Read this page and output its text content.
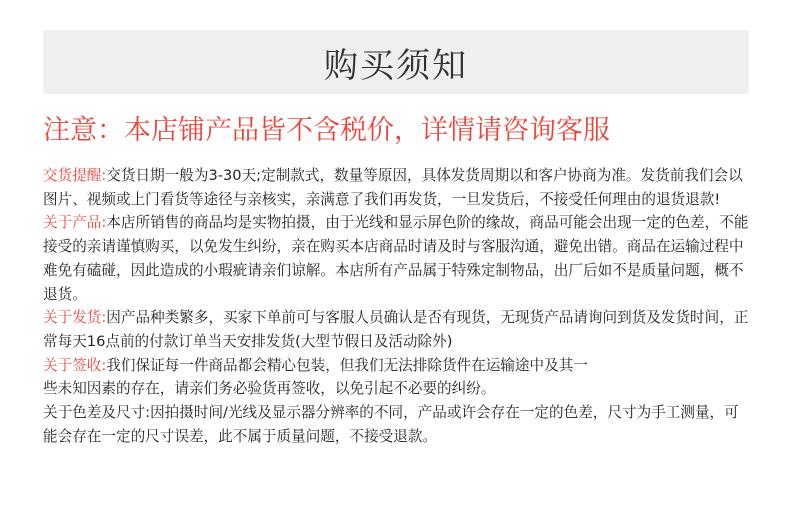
购买须知
注意：本店铺产品皆不含税价，详情请咨询客服

交货提醒:交货日期一般为3-30天;定制款式，数量等原因，具体发货周期以和客户协商为准。发货前我们会以图片、视频或上门看货等途径与亲核实，亲满意了我们再发货，一旦发货后，不接受任何理由的退货退款!

关于产品:本店所销售的商品均是实物拍摄，由于光线和显示屏色阶的缘故，商品可能会出现一定的色差，不能接受的亲请谨慎购买，以免发生纠纷，亲在购买本店商品时请及时与客服沟通，避免出错。商品在运输过程中难免有磕碰，因此造成的小瑕疵请亲们谅解。本店所有产品属于特殊定制物品，出厂后如不是质量问题，概不退货。

关于发货:因产品种类繁多，买家下单前可与客服人员确认是否有现货，无现货产品请询问到货及发货时间，正常每天16点前的付款订单当天安排发货(大型节假日及活动除外)

关于签收:我们保证每一件商品都会精心包装，但我们无法排除货件在运输途中及其一

些未知因素的存在，请亲们务必验货再签收，以免引起不必要的纠纷。

关于色差及尺寸:因拍摄时间/光线及显示器分辨率的不同，产品或许会存在一定的色差，尺寸为手工测量，可能会存在一定的尺寸误差，此不属于质量问题，不接受退款。
